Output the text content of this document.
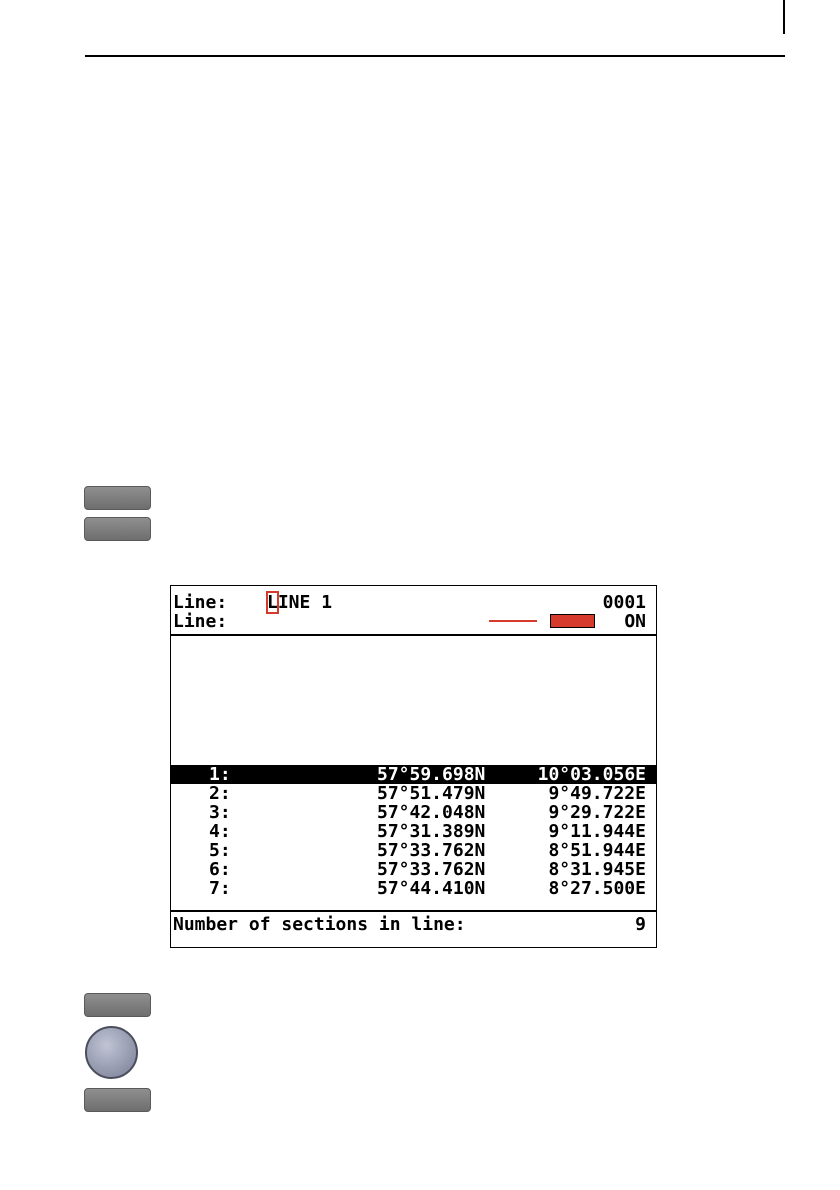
Line: LINE 1	0001
Line:	ON
1:	57°59.698N	10°03.056E
2:	57°51.479N	9°49.722E
3:	57°42.048N	9°29.722E
4:	57°31.389N	9°11.944E
5:	57°33.762N	8°51.944E
6:	57°33.762N	8°31.945E
7:	57°44.410N	8°27.500E
Number of sections in line:	9
